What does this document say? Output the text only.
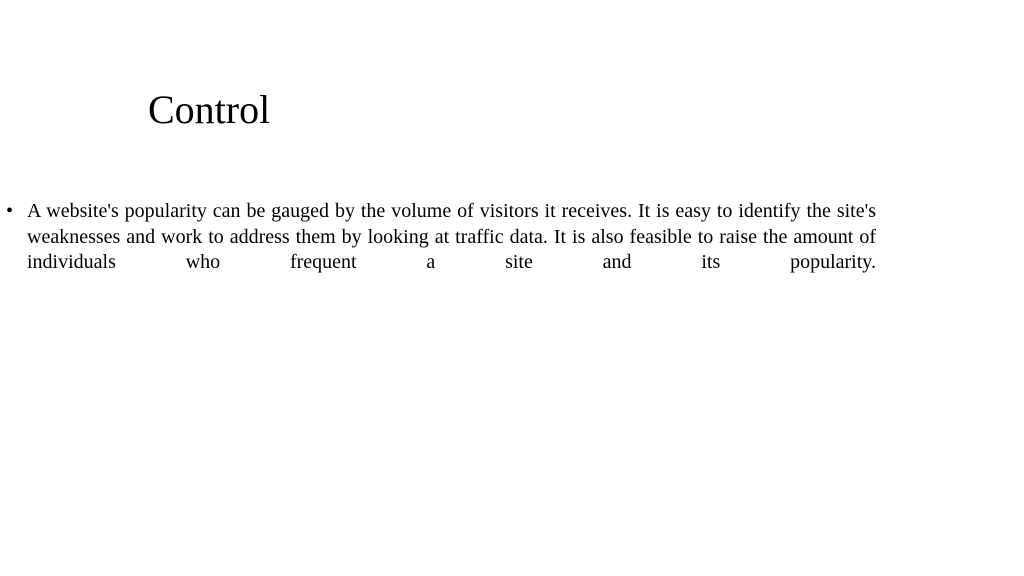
Control
• A website's popularity can be gauged by the volume of visitors it receives. It is easy to identify the site's weaknesses and work to address them by looking at traffic data. It is also feasible to raise the amount of individuals who frequent a site and its popularity.
